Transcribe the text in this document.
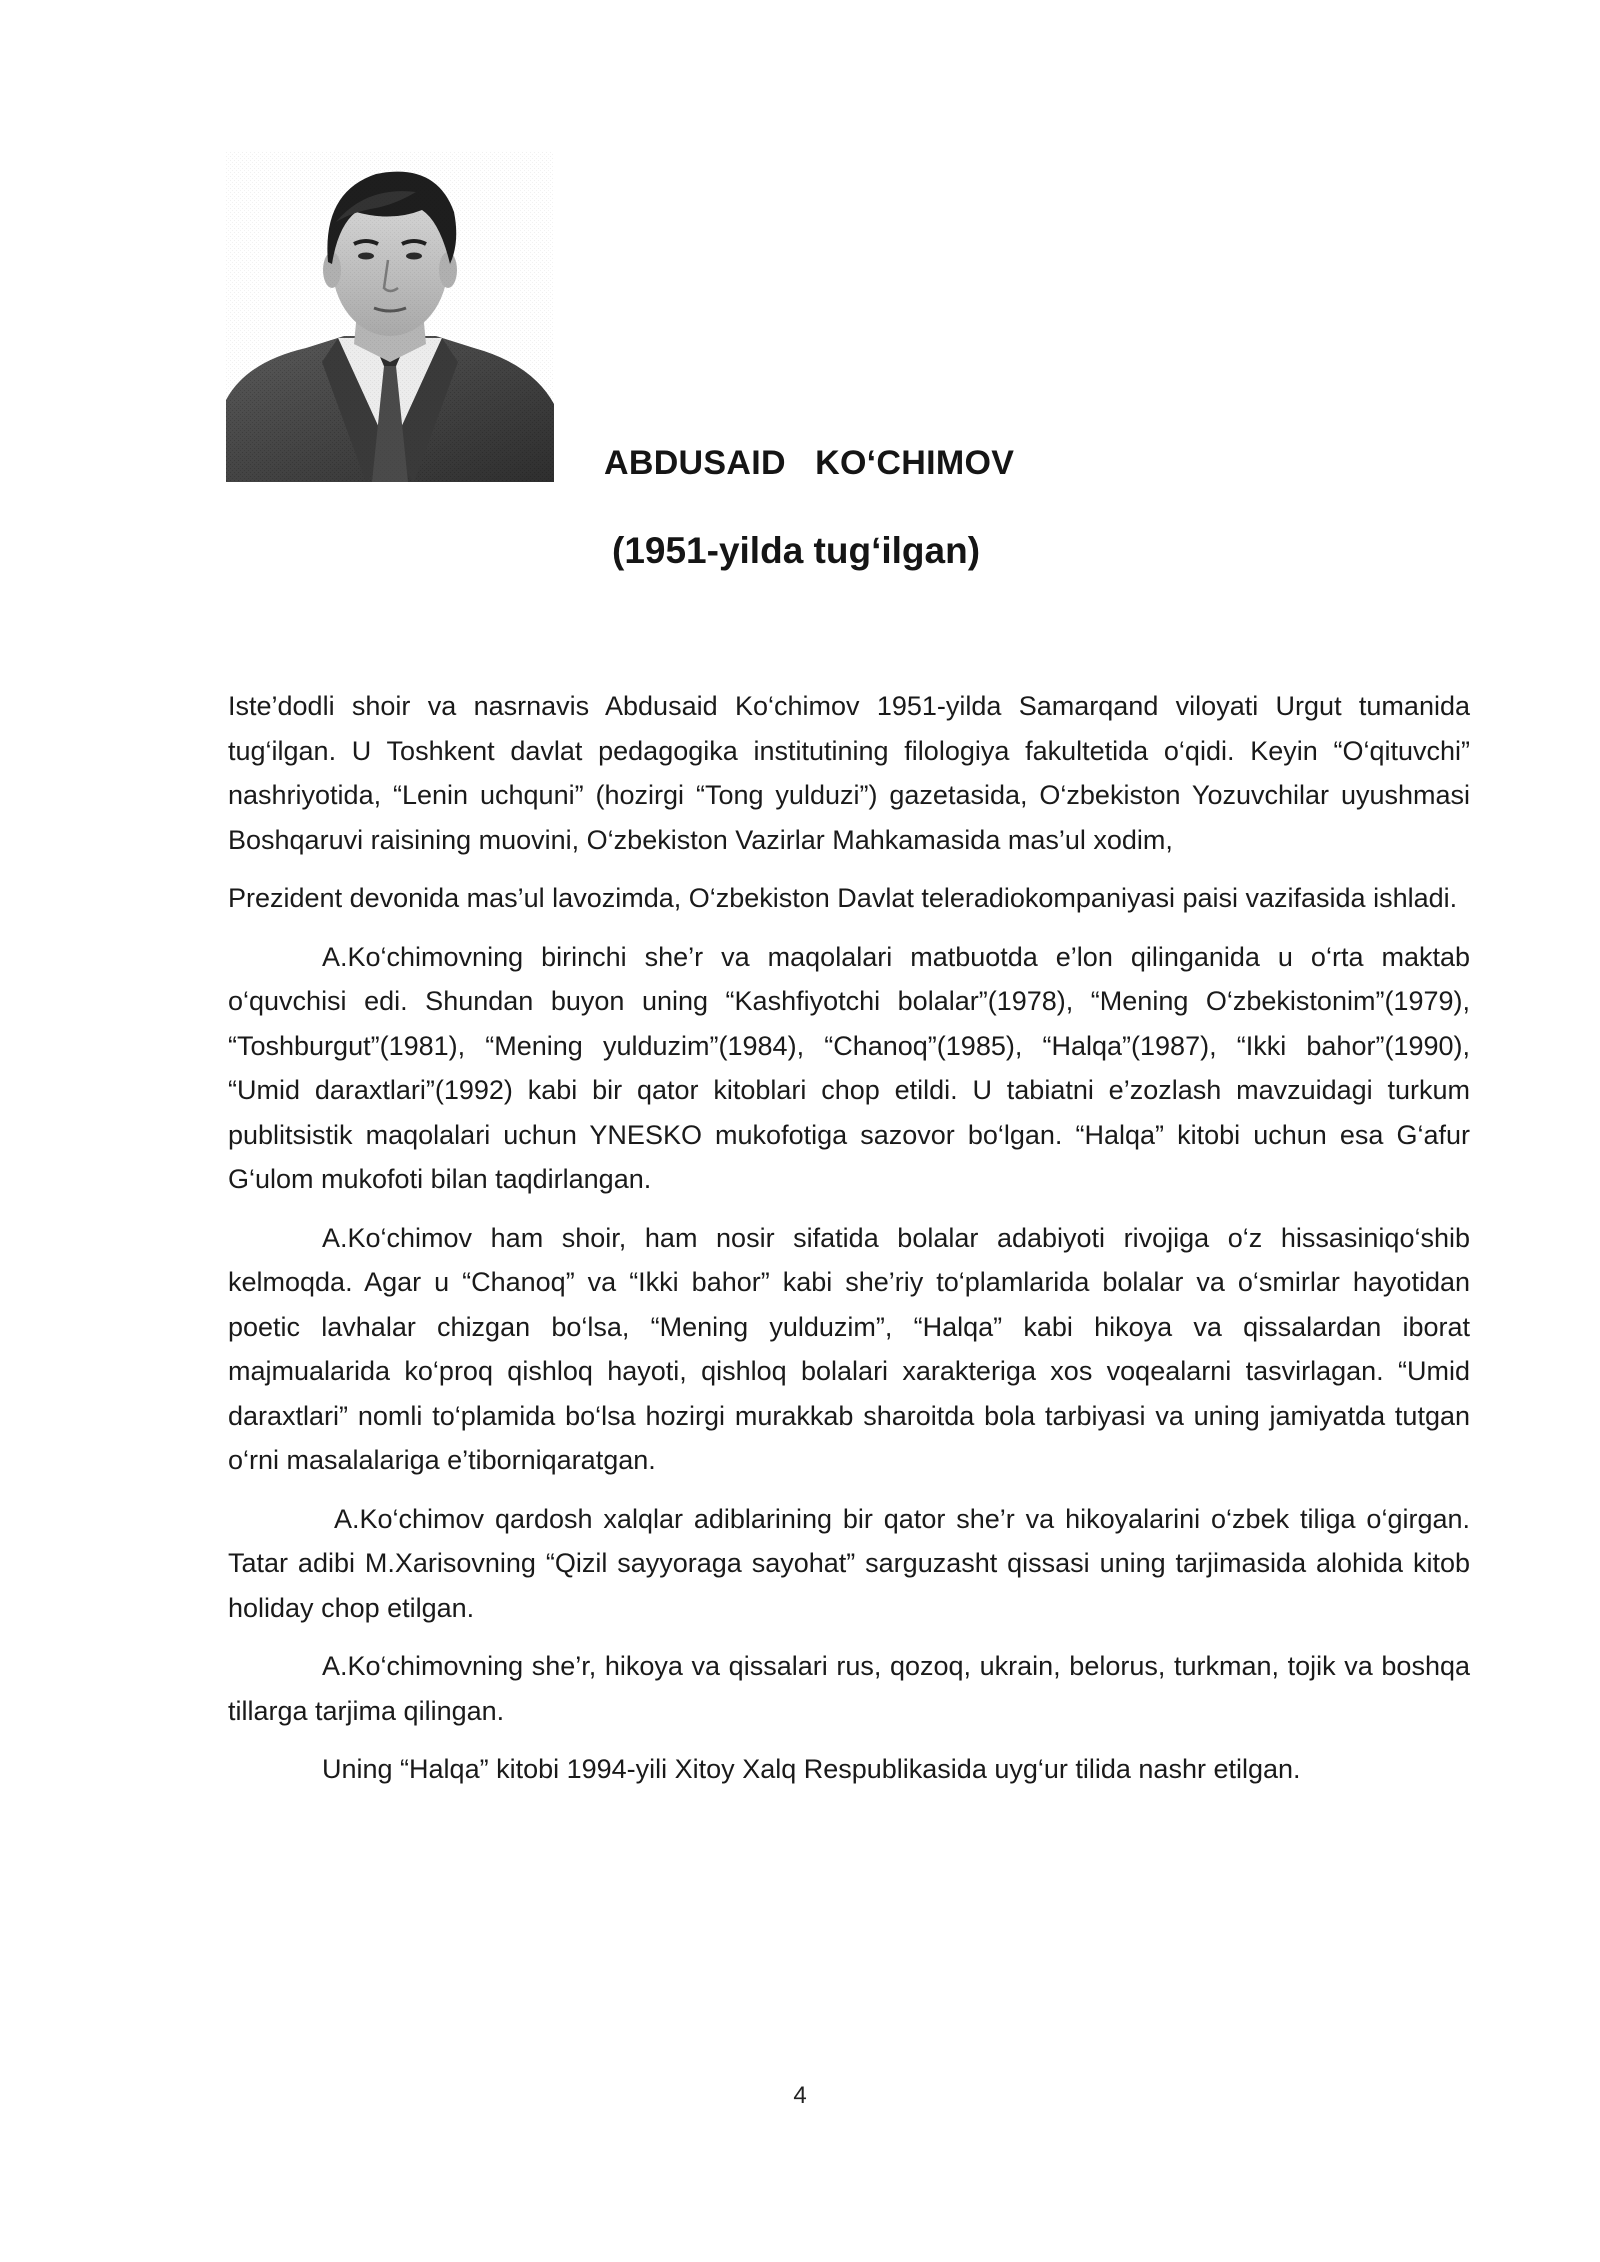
ABDUSAID   KO‘CHIMOV
(1951-yilda tug‘ilgan)

Iste’dodli shoir va nasrnavis Abdusaid Ko‘chimov 1951-yilda Samarqand viloyati Urgut tumanida tug‘ilgan. U Toshkent davlat pedagogika institutining filologiya fakultetida o‘qidi. Keyin “O‘qituvchi” nashriyotida, “Lenin uchquni” (hozirgi “Tong yulduzi”) gazetasida, O‘zbekiston Yozuvchilar uyushmasi Boshqaruvi raisining muovini, O‘zbekiston Vazirlar Mahkamasida mas’ul xodim,

Prezident devonida mas’ul lavozimda, O‘zbekiston Davlat teleradiokompaniyasi paisi vazifasida ishladi.

A.Ko‘chimovning birinchi she’r va maqolalari matbuotda e’lon qilinganida u o‘rta maktab o‘quvchisi edi. Shundan buyon uning “Kashfiyotchi bolalar”(1978), “Mening O‘zbekistonim”(1979), “Toshburgut”(1981), “Mening yulduzim”(1984), “Chanoq”(1985), “Halqa”(1987), “Ikki bahor”(1990), “Umid daraxtlari”(1992) kabi bir qator kitoblari chop etildi. U tabiatni e’zozlash mavzuidagi turkum publitsistik maqolalari uchun YNESKO mukofotiga sazovor bo‘lgan. “Halqa” kitobi uchun esa G‘afur G‘ulom mukofoti bilan taqdirlangan.

A.Ko‘chimov ham shoir, ham nosir sifatida bolalar adabiyoti rivojiga o‘z hissasiniqo‘shib kelmoqda. Agar u “Chanoq” va “Ikki bahor” kabi she’riy to‘plamlarida bolalar va o‘smirlar hayotidan poetic lavhalar chizgan bo‘lsa, “Mening yulduzim”, “Halqa” kabi hikoya va qissalardan iborat majmualarida ko‘proq qishloq hayoti, qishloq bolalari xarakteriga xos voqealarni tasvirlagan. “Umid daraxtlari” nomli to‘plamida bo‘lsa hozirgi murakkab sharoitda bola tarbiyasi va uning jamiyatda tutgan o‘rni masalalariga e’tiborniqaratgan.

A.Ko‘chimov qardosh xalqlar adiblarining bir qator she’r va hikoyalarini o‘zbek tiliga o‘girgan. Tatar adibi M.Xarisovning “Qizil sayyoraga sayohat” sarguzasht qissasi uning tarjimasida alohida kitob holiday chop etilgan.

A.Ko‘chimovning she’r, hikoya va qissalari rus, qozoq, ukrain, belorus, turkman, tojik va boshqa tillarga tarjima qilingan.

Uning “Halqa” kitobi 1994-yili Xitoy Xalq Respublikasida uyg‘ur tilida nashr etilgan.

4
